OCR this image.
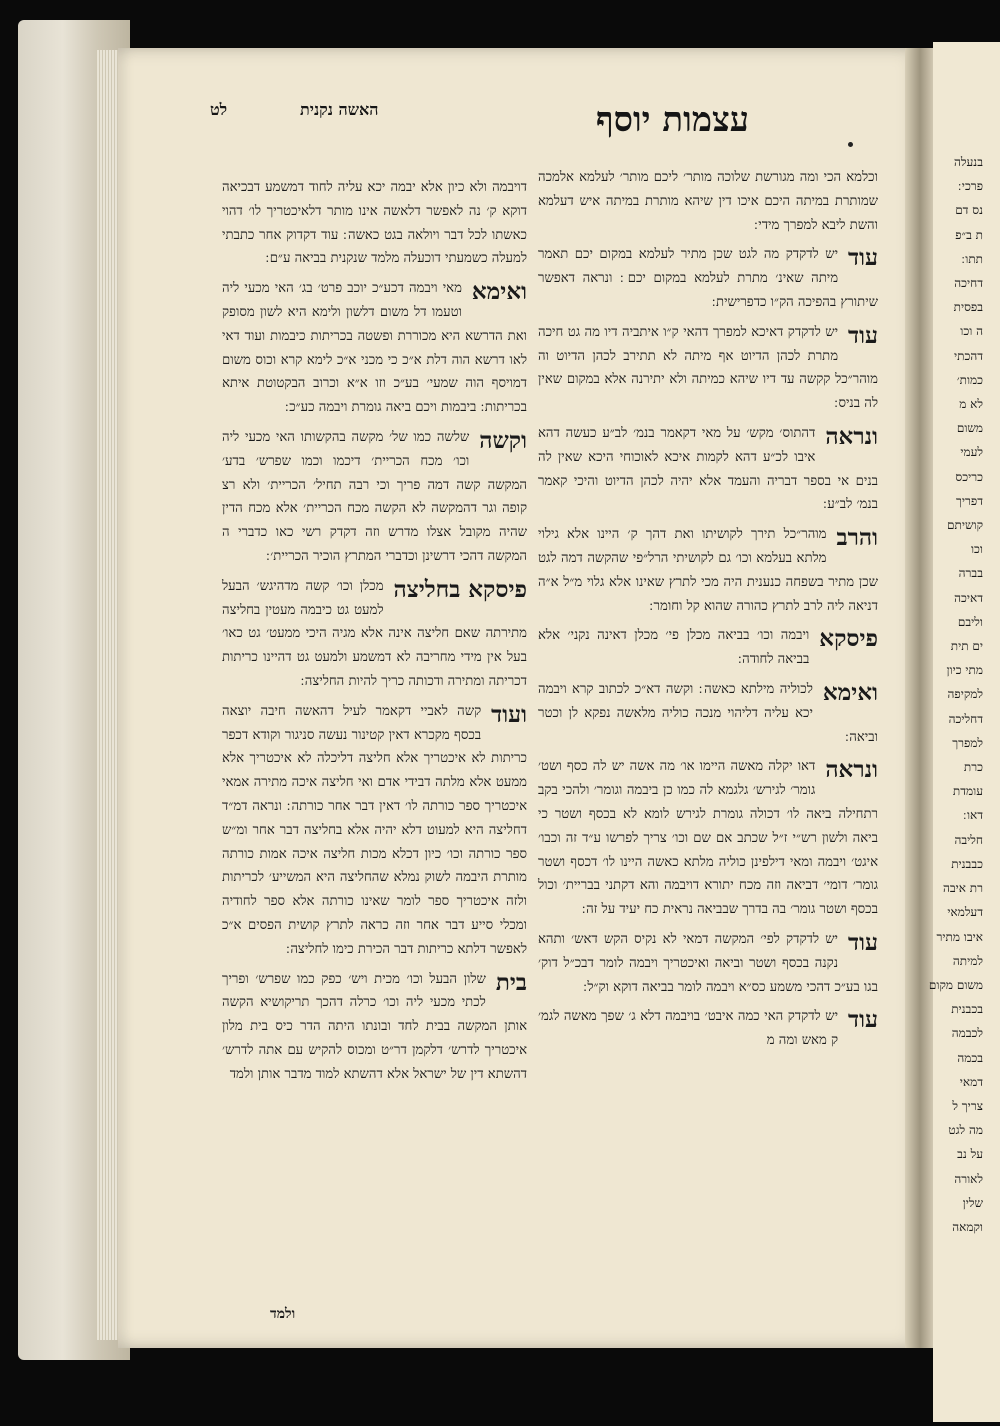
עצמות יוסף
האשה נקנית
לט
וכלמא הכי ומה מגורשת שלוכה מותר׳ ליכם מותר׳ לעלמא אלמכה שמותרת במיתה היכם איכו דין שיהא מותרת במיתה איש דעלמא והשת ליבא למפרך מידי ׃
עוד
יש לדקדק מה לגט שכן מתיר לעלמא במקום יכם תאמר מיתה שאינ׳ מתרת לעלמא במקום יכם ׃ ונראה דאפשר שיתורץ בהפיכה הק״ו כדפרישית ׃
עוד
יש לדקדק דאיכא למפרך דהאי ק״ו איתביה דיו מה גט חיכה מתרת לכהן הדיוט אף מיתה לא תתירב לכהן הדיוט וה מוהר״כל קקשה עד דיו שיהא כמיתה ולא יתירנה אלא במקום שאין לה בניס ׃
ונראה
דהתוס׳ מקש׳ על מאי דקאמר בנמ׳ לב״ע כעשה דהא איבו לכ״ע דהא לקמות איכא לאוכוחי היכא שאין לה בנים אי בספר דבריה והעמד אלא יהיה לכהן הדיוט והיכי קאמר בנמ׳ לב״ע ׃
והרב
מוהר״כל תירך לקושיתו ואת דהך ק׳ היינו אלא גילוי מלתא בעלמא וכו׳ גם לקושיתי הרל״פי שהקשה דמה לגט שכן מתיר בשפחה כנענית היה מכי לתרץ שאינו אלא גלוי מ״ל א״ה דניאה ליה לרב לתרץ כהורה שהוא קל וחומר ׃
פיסקא
ויבמה וכו׳ בביאה מכלן פי׳ מכלן דאינה נקני׳ אלא בביאה לחודה ׃
ואימא
לכוליה מילתא כאשה ׃ וקשה דא״כ לכתוב קרא ויבמה יכא עליה דליהוי מנכה כוליה מלאשה נפקא לן וכטר וביאה ׃
ונראה
דאו יקלה מאשה היימו או׳ מה אשה יש לה כסף ושט׳ גומר׳ לגירש׳ גלגמא לה כמו כן ביבמה וגומר׳ ולהכי בקב רתחילה ביאה לו׳ דכולה גומרת לגירש לומא לא בכסף ושטר כי ביאה ולשון רש״י ז״ל שכתב אם שם וכו׳ צריך לפרשו ע״ד זה וכבו׳ איגט׳ ויבמה ומאי דילפינן כוליה מלתא כאשה היינו לו׳ דכסף ושטר גומר׳ דומי׳ דביאה וזה מכח יתורא דויבמה והא דקתני בבריית׳ וכול בכסף ושטר גומר׳ בה בדרך שבביאה נראית כח יעיד על זה ׃
עוד
יש לדקדק לפי׳ המקשה דמאי לא נקיס הקש דאש׳ ותהא נקנה בכסף ושטר וביאה ואיכטריך ויבמה לומר דבכ״ל דוק׳ בגו בע״כ דהכי משמע כס״א ויבמה לומר בביאה דוקא וק״ל ׃
עוד
יש לדקדק האי כמה איבט׳ בויבמה דלא ג׳ שפך מאשה לגמ׳ ק מאש ומה מ
דויבמה ולא כיון אלא יבמה יכא עליה לחוד דמשמע דבכיאה דוקא ק׳ נה לאפשר דלאשה אינו מותר דלאיכטריך לו׳ דהוי כאשתו לכל דבר ויולאה בגט כאשה ׃ עוד דקדוק אחר כתבתי למעלה כשמעתי דוכעלה מלמד שנקנית בביאה ע״ם ׃
ואימא
מאי ויבמה דכע״כ יוכב פרט׳ בג׳ האי מכעי ליה וטעמו דל משום דלשון ולימא היא לשון מסופק ואת הדרשא היא מכוררת ופשטה בכריתות כיבמות ועוד דאי לאו דרשא הוה דלת א״כ כי מכני א״כ לימא קרא וכוס משום דמויסף הוה שמעי׳ בע״כ וזו א״א וכרוב הבקטוטת איתא בכריתות ׃ ביבמות ויכם ביאה גומרת ויבמה כע״כ ׃
וקשה
שלשה כמו של׳ מקשה בהקשותו האי מכעי ליה וכו׳ מכח הכריית׳ דיכמו וכמו שפרש׳ בדע׳ המקשה קשה דמה פריך וכי רבה תחיל׳ הכריית׳ ולא רצ קופה וגר דהמקשה לא הקשה מכח הכריית׳ אלא מכח הדין שהיה מקובל אצלו מדרש וזה דקדק רשי כאו כדברי ה המקשה דהכי דרשינן וכדברי המתרץ הוכיר הכריית׳ ׃
פיסקא בחליצה
מכלן וכו׳ קשה מדהיגש׳ הבעל למעט גט כיבמה מעטין בחליצה מתירתה שאם חליצה אינה אלא מגיה היכי ממעט׳ גט כאו׳ בעל אין מידי מחריבה לא דמשמע ולמעט גט דהיינו כריתות דכריתה ומתירה ודכותה כריך להיות החליצה ׃
ועוד
קשה לאביי דקאמר לעיל דהאשה חיבה יוצאה בכסף מקכרא דאין קטינור נעשה סניגור וקודא דכפר כריתות לא איכטריך אלא חליצה דליכלה לא איכטריך אלא ממעט אלא מלתה דבידי אדם ואי חליצה איכה מתירה אמאי איכטריך ספר כורתה לו׳ דאין דבר אחר כורתה ׃ ונראה דמ״ד דחליצה היא למעוט דלא יהיה אלא בחליצה דבר אחר ומ״ש ספר כורתה וכו׳ כיון דכלא מכות חליצה איכה אמות כורתה מותרת היבמה לשוק נמלא שהחליצה היא המשייע׳ לכריתות ולזה איכטריך ספר לומר שאינו כורתה אלא ספר לחודיה ומכלי סייע דבר אחר וזה כראה לתרץ קושית הפסים א״כ לאפשר דלתא כריתות דבר הכירת כימו לחליצה ׃
בית
שלון הבעל וכו׳ מכית ויש׳ כפק כמו שפרש׳ ופריך לכתי מכעי ליה וכו׳ כרלה דהכך תריקושיא הקשה אותן המקשה בבית לחד ובונתו היתה הדר כיס בית מלון איכטריך לדרש׳ דלקמן דר״ט ומכוס להקיש עם אתה לדרש׳ דהשתא דין של ישראל אלא דהשתא למוד מדבר אותן ולמד
בנעלה
פרכי ׃
נס דם
ת ב״פ
תתו ׃
דחיכה
בפסית
ה וכו
דהכתי
כמות׳
לא מ
משום
לעמי
כריכס
דפריך
קושיתם
וכו
בברה
דאיכה
וליבם
ים תית
מתי כיון
למקיפה
דחליכה
למפרך
כרת
עומדת
דאו ׃
חליבה
כבבנית
רת איבה
דעלמאי
איבו מתיר
למיתה
משום מקום
בכבנית
לכבמה
בכמה
דמאי
צריך ל
מה לגט
על נב
לאורה
שלין
וקמאה
ולמד
